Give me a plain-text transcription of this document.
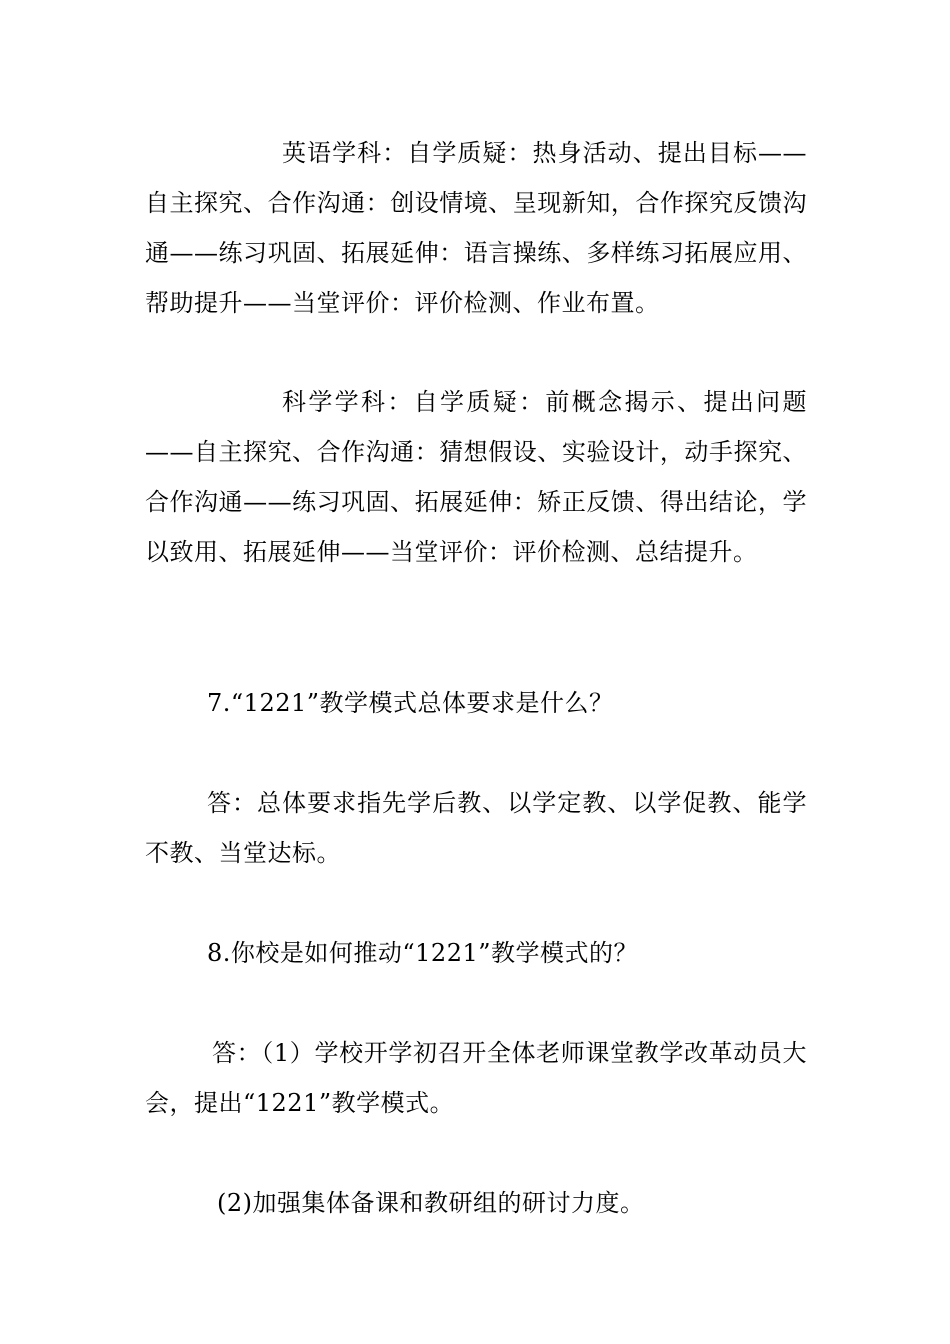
英语学科：自学质疑：热身活动、提出目标——自主探究、合作沟通：创设情境、呈现新知，合作探究反馈沟通——练习巩固、拓展延伸：语言操练、多样练习拓展应用、帮助提升——当堂评价：评价检测、作业布置。

科学学科：自学质疑：前概念揭示、提出问题——自主探究、合作沟通：猜想假设、实验设计，动手探究、合作沟通——练习巩固、拓展延伸：矫正反馈、得出结论，学以致用、拓展延伸——当堂评价：评价检测、总结提升。

7.“1221”教学模式总体要求是什么？

答：总体要求指先学后教、以学定教、以学促教、能学不教、当堂达标。

8.你校是如何推动“1221”教学模式的？

答：（1）学校开学初召开全体老师课堂教学改革动员大会，提出“1221”教学模式。

(2)加强集体备课和教研组的研讨力度。
